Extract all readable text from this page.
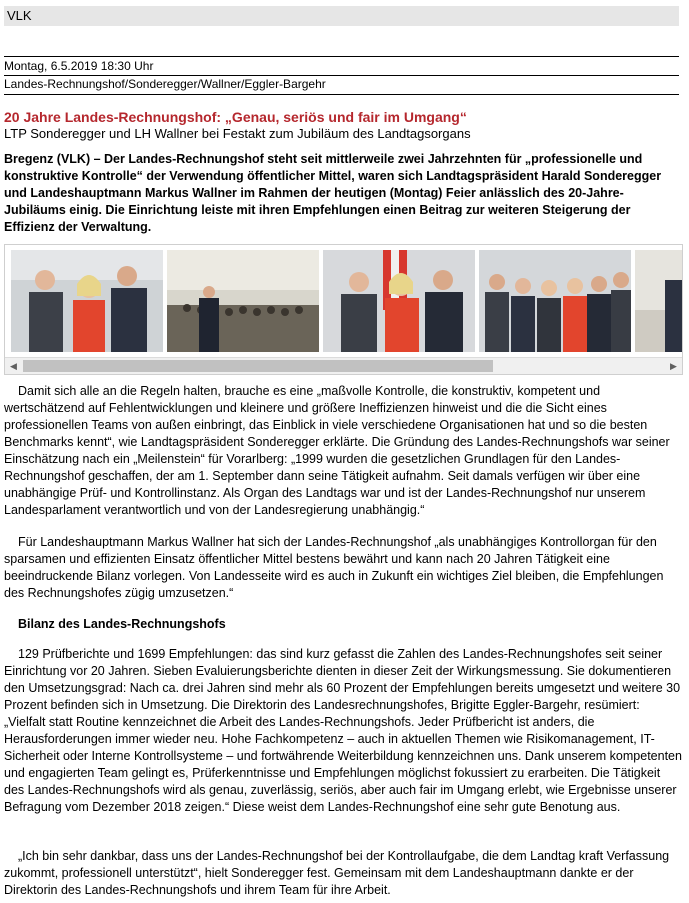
VLK
Montag, 6.5.2019 18:30 Uhr
Landes-Rechnungshof/Sonderegger/Wallner/Eggler-Bargehr
20 Jahre Landes-Rechnungshof: „Genau, seriös und fair im Umgang“
LTP Sonderegger und LH Wallner bei Festakt zum Jubiläum des Landtagsorgans
Bregenz (VLK) – Der Landes-Rechnungshof steht seit mittlerweile zwei Jahrzehnten für „professionelle und konstruktive Kontrolle“ der Verwendung öffentlicher Mittel, waren sich Landtagspräsident Harald Sonderegger und Landeshauptmann Markus Wallner im Rahmen der heutigen (Montag) Feier anlässlich des 20-Jahre-Jubiläums einig. Die Einrichtung leiste mit ihren Empfehlungen einen Beitrag zur weiteren Steigerung der Effizienz der Verwaltung.
◀	▶

Damit sich alle an die Regeln halten, brauche es eine „maßvolle Kontrolle, die konstruktiv, kompetent und wertschätzend auf Fehlentwicklungen und kleinere und größere Ineffizienzen hinweist und die die Sicht eines professionellen Teams von außen einbringt, das Einblick in viele verschiedene Organisationen hat und so die besten Benchmarks kennt“, wie Landtagspräsident Sonderegger erklärte. Die Gründung des Landes-Rechnungshofs war seiner Einschätzung nach ein „Meilenstein“ für Vorarlberg: „1999 wurden die gesetzlichen Grundlagen für den Landes-Rechnungshof geschaffen, der am 1. September dann seine Tätigkeit aufnahm. Seit damals verfügen wir über eine unabhängige Prüf- und Kontrollinstanz. Als Organ des Landtags war und ist der Landes-Rechnungshof nur unserem Landesparlament verantwortlich und von der Landesregierung unabhängig.“

Für Landeshauptmann Markus Wallner hat sich der Landes-Rechnungshof „als unabhängiges Kontrollorgan für den sparsamen und effizienten Einsatz öffentlicher Mittel bestens bewährt und kann nach 20 Jahren Tätigkeit eine beeindruckende Bilanz vorlegen. Von Landesseite wird es auch in Zukunft ein wichtiges Ziel bleiben, die Empfehlungen des Rechnungshofes zügig umzusetzen.“

Bilanz des Landes-Rechnungshofs

129 Prüfberichte und 1699 Empfehlungen: das sind kurz gefasst die Zahlen des Landes-Rechnungshofes seit seiner Einrichtung vor 20 Jahren. Sieben Evaluierungsberichte dienten in dieser Zeit der Wirkungsmessung. Sie dokumentieren den Umsetzungsgrad: Nach ca. drei Jahren sind mehr als 60 Prozent der Empfehlungen bereits umgesetzt und weitere 30 Prozent befinden sich in Umsetzung. Die Direktorin des Landesrechnungshofes, Brigitte Eggler-Bargehr, resümiert: „Vielfalt statt Routine kennzeichnet die Arbeit des Landes-Rechnungshofs. Jeder Prüfbericht ist anders, die Herausforderungen immer wieder neu. Hohe Fachkompetenz – auch in aktuellen Themen wie Risikomanagement, IT-Sicherheit oder Interne Kontrollsysteme – und fortwährende Weiterbildung kennzeichnen uns. Dank unserem kompetenten und engagierten Team gelingt es, Prüferkenntnisse und Empfehlungen möglichst fokussiert zu erarbeiten. Die Tätigkeit des Landes-Rechnungshofs wird als genau, zuverlässig, seriös, aber auch fair im Umgang erlebt, wie Ergebnisse unserer Befragung vom Dezember 2018 zeigen.“ Diese weist dem Landes-Rechnungshof eine sehr gute Benotung aus.

„Ich bin sehr dankbar, dass uns der Landes-Rechnungshof bei der Kontrollaufgabe, die dem Landtag kraft Verfassung zukommt, professionell unterstützt“, hielt Sonderegger fest. Gemeinsam mit dem Landeshauptmann dankte er der Direktorin des Landes-Rechnungshofs und ihrem Team für ihre Arbeit.
